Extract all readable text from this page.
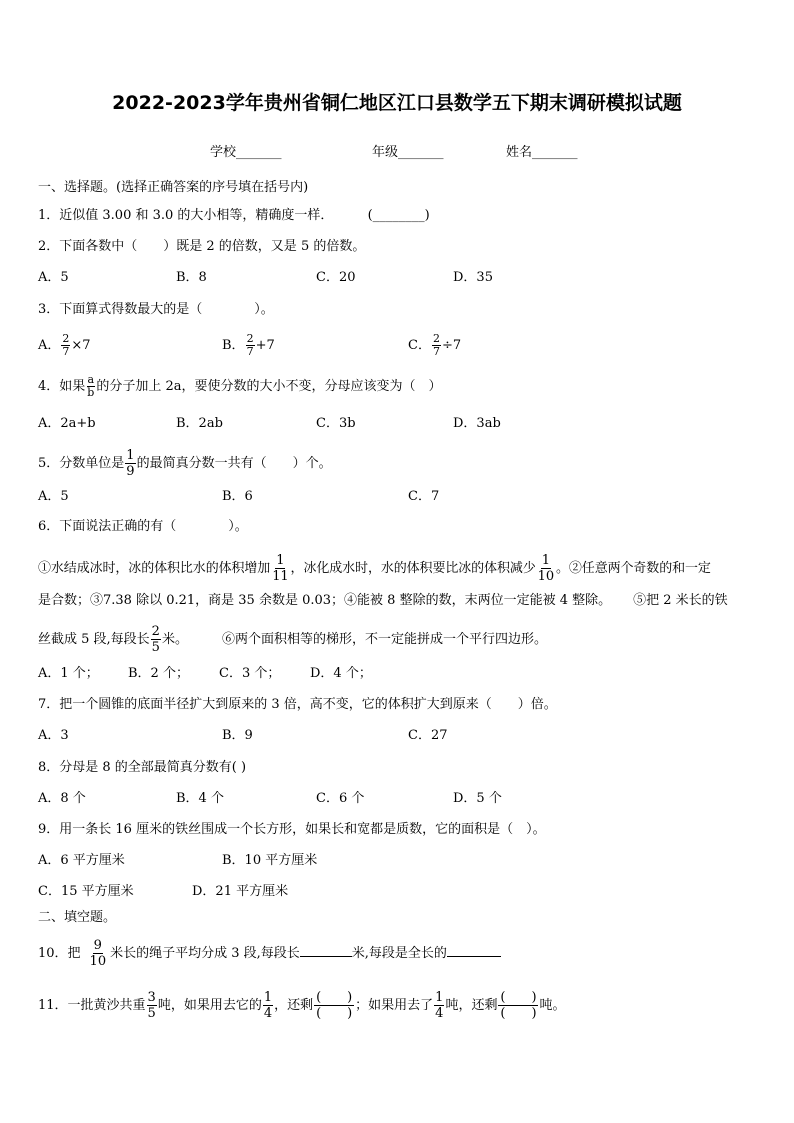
2022-2023学年贵州省铜仁地区江口县数学五下期末调研模拟试题
学校_______	年级_______	姓名_______
一、选择题。(选择正确答案的序号填在括号内)
1．近似值 3.00 和 3.0 的大小相等，精确度一样．	(________)
2．下面各数中（　　）既是 2 的倍数，又是 5 的倍数。
A．5	B．8	C．20	D．35
3．下面算式得数最大的是（　　　　）。
A． $\frac{2}{7} \times 7$	B． $\frac{2}{7} +7$	C． $\frac{2}{7} \div 7$
4．如果 $\frac{a}{b}$ 的分子加上 2a，要使分数的大小不变，分母应该变为（　）
A．2a+b	B．2ab	C．3b	D．3ab
5．分数单位是 $\frac{1}{9}$ 的最简真分数一共有（　　）个。
A．5	B．6	C．7
6．下面说法正确的有（　　　　）。
①水结成冰时，冰的体积比水的体积增加 $\frac{1}{11}$ ，冰化成水时，水的体积要比冰的体积减少 $\frac{1}{10}$ 。②任意两个奇数的和一定
是合数；③7.38 除以 0.21，商是 35 余数是 0.03；④能被 8 整除的数，末两位一定能被 4 整除。 ⑤把 2 米长的铁
丝截成 5 段,每段长 $\frac{2}{5}$ 米。	⑥两个面积相等的梯形，不一定能拼成一个平行四边形。
A．1 个； B．2 个； C．3 个； D．4 个；
7．把一个圆锥的底面半径扩大到原来的 3 倍，高不变，它的体积扩大到原来（　　）倍。
A．3	B．9	C．27
8．分母是 8 的全部最简真分数有( )
A．8 个	B．4 个	C．6 个	D．5 个
9．用一条长 16 厘米的铁丝围成一个长方形，如果长和宽都是质数，它的面积是（　）。
A．6 平方厘米	B．10 平方厘米
C．15 平方厘米	D．21 平方厘米
二、填空题。
10．把 $\frac{9}{10}$ 米长的绳子平均分成 3 段,每段长	米,每段是全长的
11．一批黄沙共重 $\frac{3}{5}$ 吨，如果用去它的 $\frac{1}{4}$ ，还剩
(　　)
(　　)
；如果用去了 $\frac{1}{4}$ 吨，还剩
(　　)
(　　)
吨。
